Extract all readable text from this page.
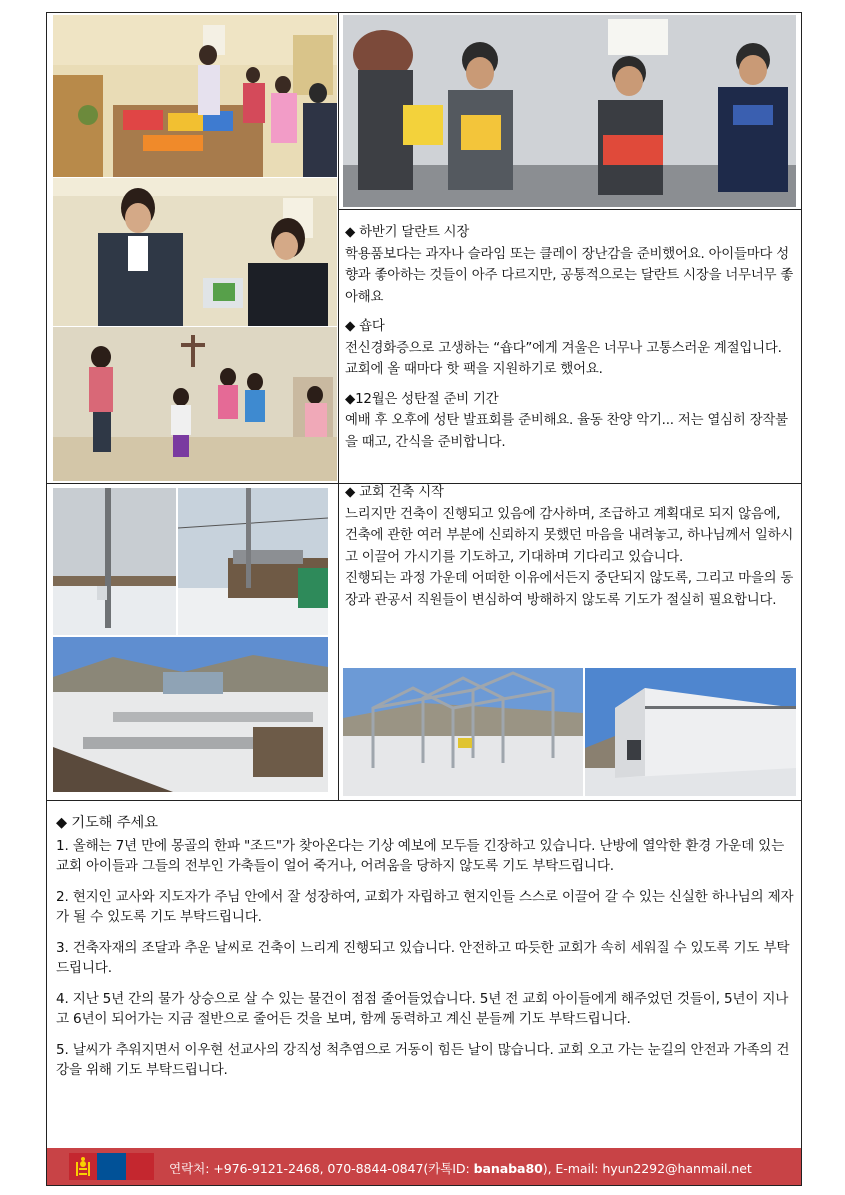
◆ 하반기 달란트 시장

학용품보다는 과자나 슬라임 또는 클레이 장난감을 준비했어요. 아이들마다 성향과 좋아하는 것들이 아주 다르지만, 공통적으로는 달란트 시장을 너무너무 좋아해요

◆ 숍다

전신경화증으로 고생하는 “숍다”에게 겨울은 너무나 고통스러운 계절입니다. 교회에 올 때마다 핫 팩을 지원하기로 했어요.

◆12월은 성탄절 준비 기간

예배 후 오후에 성탄 발표회를 준비해요. 율동 찬양 악기... 저는 열심히 장작불을 때고, 간식을 준비합니다.

◆ 교회 건축 시작

느리지만 건축이 진행되고 있음에 감사하며, 조급하고 계획대로 되지 않음에, 건축에 관한 여러 부분에 신뢰하지 못했던 마음을 내려놓고, 하나님께서 일하시고 이끌어 가시기를 기도하고, 기대하며 기다리고 있습니다.

진행되는 과정 가운데 어떠한 이유에서든지 중단되지 않도록, 그리고 마을의 동장과 관공서 직원들이 변심하여 방해하지 않도록 기도가 절실히 필요합니다.

◆ 기도해 주세요

1. 올해는 7년 만에 몽골의 한파 "조드"가 찾아온다는 기상 예보에 모두들 긴장하고 있습니다. 난방에 열악한 환경 가운데 있는 교회 아이들과 그들의 전부인 가축들이 얼어 죽거나, 어려움을 당하지 않도록 기도 부탁드립니다.

2. 현지인 교사와 지도자가 주님 안에서 잘 성장하여, 교회가 자립하고 현지인들 스스로 이끌어 갈 수 있는 신실한 하나님의 제자가 될 수 있도록 기도 부탁드립니다.

3. 건축자재의 조달과 추운 날씨로 건축이 느리게 진행되고 있습니다. 안전하고 따듯한 교회가 속히 세워질 수 있도록 기도 부탁드립니다.

4. 지난 5년 간의 물가 상승으로 살 수 있는 물건이 점점 줄어들었습니다. 5년 전 교회 아이들에게 해주었던 것들이, 5년이 지나고 6년이 되어가는 지금 절반으로 줄어든 것을 보며, 함께 동력하고 계신 분들께 기도 부탁드립니다.

5. 날씨가 추워지면서 이우현 선교사의 강직성 척추염으로 거동이 힘든 날이 많습니다. 교회 오고 가는 눈길의 안전과 가족의 건강을 위해 기도 부탁드립니다.

연락처: +976-9121-2468, 070-8844-0847(카톡ID: banaba80), E-mail: hyun2292@hanmail.net
